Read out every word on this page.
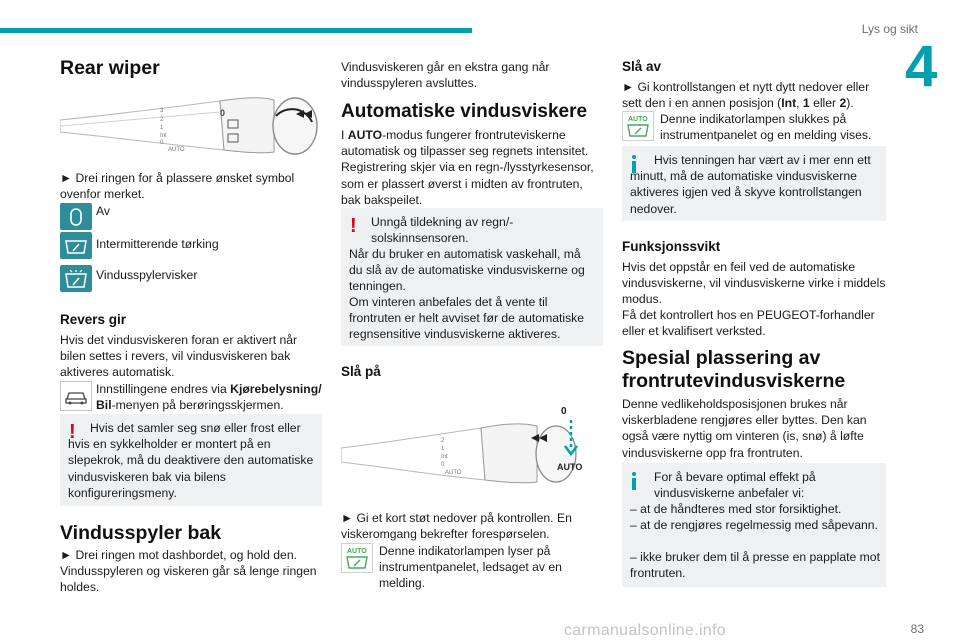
Lys og sikt
4
Rear wiper
3
2
1
Int
0
AUTO
0
► Drei ringen for å plassere ønsket symbol ovenfor merket.
Av
Intermitterende tørking
Vindusspylervisker
Revers gir
Hvis det vindusviskeren foran er aktivert når bilen settes i revers, vil vindusviskeren bak aktiveres automatisk.
Innstillingene endres via Kjørebelysning/ Bil-menyen på berøringsskjermen.
!	Hvis det samler seg snø eller frost eller hvis en sykkelholder er montert på en slepekrok, må du deaktivere den automatiske vindusviskeren bak via bilens konfigureringsmeny.
Vindusspyler bak
► Drei ringen mot dashbordet, og hold den. Vindusspyleren og viskeren går så lenge ringen holdes.
Vindusviskeren går en ekstra gang når vindusspyleren avsluttes.
Automatiske vindusviskere
I AUTO-modus fungerer frontruteviskerne automatisk og tilpasser seg regnets intensitet. Registrering skjer via en regn-/lysstyrkesensor, som er plassert øverst i midten av frontruten, bak bakspeilet.
! Unngå tildekning av regn/-solskinnsensoren.
Når du bruker en automatisk vaskehall, må du slå av de automatiske vindusviskerne og tenningen.
Om vinteren anbefales det å vente til frontruten er helt avviset før de automatiske regnsensitive vindusviskerne aktiveres.
Slå på
2
1
Int
0
AUTO
0
AUTO
► Gi et kort støt nedover på kontrollen. En viskeromgang bekrefter forespørselen.
AUTO Denne indikatorlampen lyser på instrumentpanelet, ledsaget av en melding.
Slå av
► Gi kontrollstangen et nytt dytt nedover eller sett den i en annen posisjon (Int, 1 eller 2).
AUTO Denne indikatorlampen slukkes på instrumentpanelet og en melding vises.
Hvis tenningen har vært av i mer enn ett minutt, må de automatiske vindusviskerne aktiveres igjen ved å skyve kontrollstangen nedover.
Funksjonssvikt
Hvis det oppstår en feil ved de automatiske vindusviskerne, vil vindusviskerne virke i middels modus.
Få det kontrollert hos en PEUGEOT-forhandler eller et kvalifisert verksted.
Spesial plassering av frontrutevindusviskerne
Denne vedlikeholdsposisjonen brukes når viskerbladene rengjøres eller byttes. Den kan også være nyttig om vinteren (is, snø) å løfte vindusviskerne opp fra frontruten.
For å bevare optimal effekt på vindusviskerne anbefaler vi:
– at de håndteres med stor forsiktighet.
– at de rengjøres regelmessig med såpevann.
– ikke bruker dem til å presse en papplate mot frontruten.
carmanualsonline.info	83
